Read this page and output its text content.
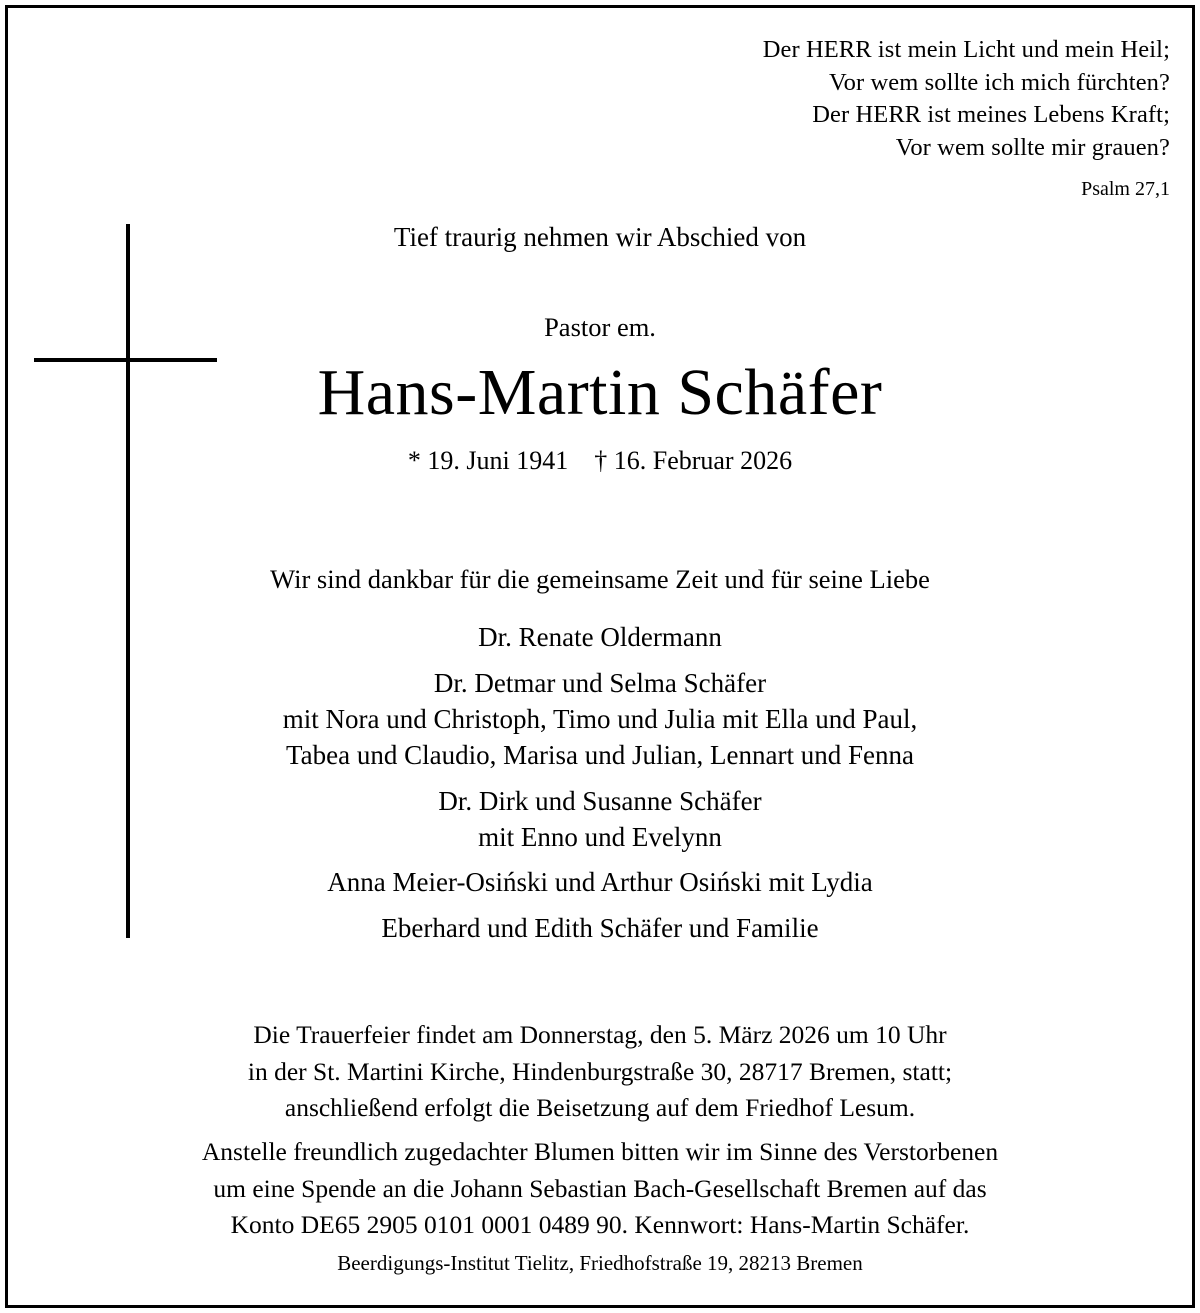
Der HERR ist mein Licht und mein Heil;
Vor wem sollte ich mich fürchten?
Der HERR ist meines Lebens Kraft;
Vor wem sollte mir grauen?
Psalm 27,1
Tief traurig nehmen wir Abschied von
Pastor em.
Hans-Martin Schäfer
* 19. Juni 1941 † 16. Februar 2026
Wir sind dankbar für die gemeinsame Zeit und für seine Liebe
Dr. Renate Oldermann
Dr. Detmar und Selma Schäfer
mit Nora und Christoph, Timo und Julia mit Ella und Paul,
Tabea und Claudio, Marisa und Julian, Lennart und Fenna
Dr. Dirk und Susanne Schäfer
mit Enno und Evelynn
Anna Meier-Osiński und Arthur Osiński mit Lydia
Eberhard und Edith Schäfer und Familie
Die Trauerfeier findet am Donnerstag, den 5. März 2026 um 10 Uhr
in der St. Martini Kirche, Hindenburgstraße 30, 28717 Bremen, statt;
anschließend erfolgt die Beisetzung auf dem Friedhof Lesum.
Anstelle freundlich zugedachter Blumen bitten wir im Sinne des Verstorbenen
um eine Spende an die Johann Sebastian Bach-Gesellschaft Bremen auf das
Konto DE65 2905 0101 0001 0489 90. Kennwort: Hans-Martin Schäfer.
Beerdigungs-Institut Tielitz, Friedhofstraße 19, 28213 Bremen
